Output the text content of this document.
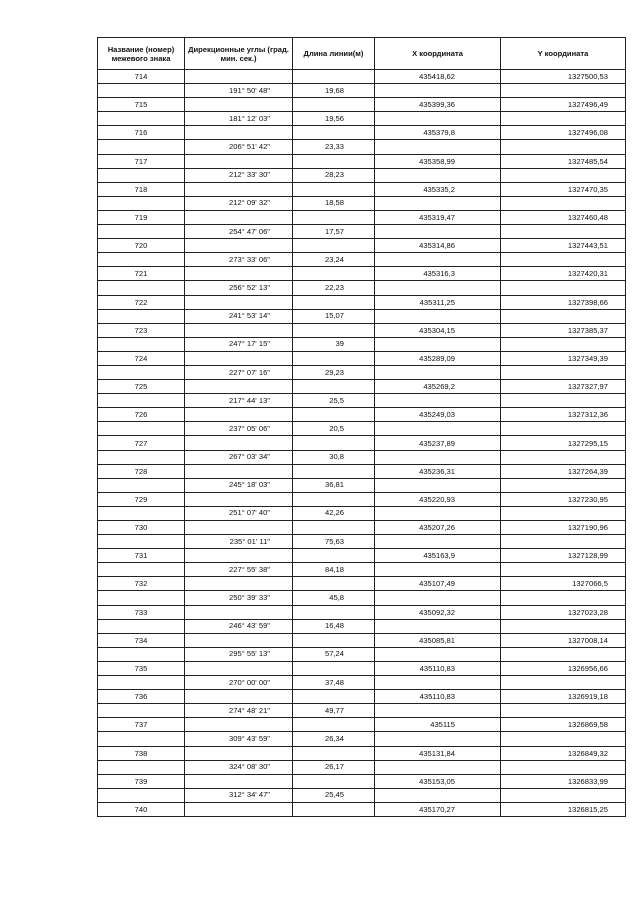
Название (номер) межевого знака	Дирекционные углы (град. мин. сек.)	Длина линии(м)	Х координата	Y координата
714			435418,62	1327500,53
	191° 50' 48"	19,68		
715			435399,36	1327496,49
	181° 12' 03"	19,56		
716			435379,8	1327496,08
	206° 51' 42"	23,33		
717			435358,99	1327485,54
	212° 33' 30"	28,23		
718			435335,2	1327470,35
	212° 09' 32"	18,58		
719			435319,47	1327460,48
	254° 47' 06"	17,57		
720			435314,86	1327443,51
	273° 33' 06"	23,24		
721			435316,3	1327420,31
	256° 52' 13"	22,23		
722			435311,25	1327398,66
	241° 53' 14"	15,07		
723			435304,15	1327385,37
	247° 17' 15"	39		
724			435289,09	1327349,39
	227° 07' 16"	29,23		
725			435269,2	1327327,97
	217° 44' 13"	25,5		
726			435249,03	1327312,36
	237° 05' 06"	20,5		
727			435237,89	1327295,15
	267° 03' 34"	30,8		
728			435236,31	1327264,39
	245° 18' 03"	36,81		
729			435220,93	1327230,95
	251° 07' 40"	42,26		
730			435207,26	1327190,96
	235° 01' 11"	75,63		
731			435163,9	1327128,99
	227° 55' 38"	84,18		
732			435107,49	1327066,5
	250° 39' 33"	45,8		
733			435092,32	1327023,28
	246° 43' 59"	16,48		
734			435085,81	1327008,14
	295° 55' 13"	57,24		
735			435110,83	1326956,66
	270° 00' 00"	37,48		
736			435110,83	1326919,18
	274° 48' 21"	49,77		
737			435115	1326869,58
	309° 43' 59"	26,34		
738			435131,84	1326849,32
	324° 08' 30"	26,17		
739			435153,05	1326833,99
	312° 34' 47"	25,45		
740			435170,27	1326815,25
